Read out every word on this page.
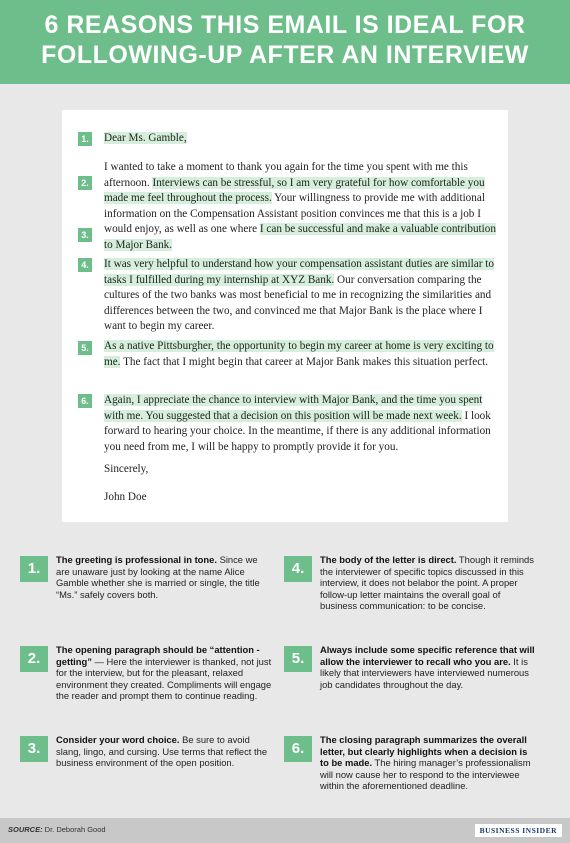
6 REASONS THIS EMAIL IS IDEAL FOR
FOLLOWING-UP AFTER AN INTERVIEW
1. Dear Ms. Gamble,
2.
3.
I wanted to take a moment to thank you again for the time you spent with me this afternoon. Interviews can be stressful, so I am very grateful for how comfortable you made me feel throughout the process. Your willingness to provide me with additional information on the Compensation Assistant position convinces me that this is a job I would enjoy, as well as one where I can be successful and make a valuable contribution to Major Bank.
4. It was very helpful to understand how your compensation assistant duties are similar to tasks I fulfilled during my internship at XYZ Bank. Our conversation comparing the cultures of the two banks was most beneficial to me in recognizing the similarities and differences between the two, and convinced me that Major Bank is the place where I want to begin my career.
5. As a native Pittsburgher, the opportunity to begin my career at home is very exciting to me. The fact that I might begin that career at Major Bank makes this situation perfect.
6. Again, I appreciate the chance to interview with Major Bank, and the time you spent with me. You suggested that a decision on this position will be made next week. I look forward to hearing your choice. In the meantime, if there is any additional information you need from me, I will be happy to promptly provide it for you.
Sincerely,
John Doe
1.
The greeting is professional in tone. Since we are unaware just by looking at the name Alice Gamble whether she is married or single, the title “Ms.” safely covers both.
2.
The opening paragraph should be “attention -getting” — Here the interviewer is thanked, not just for the interview, but for the pleasant, relaxed environment they created. Compliments will engage the reader and prompt them to continue reading.
3.
Consider your word choice. Be sure to avoid slang, lingo, and cursing. Use terms that reflect the business environment of the open position.
4.
The body of the letter is direct. Though it reminds the interviewer of specific topics discussed in this interview, it does not belabor the point. A proper follow-up letter maintains the overall goal of business communication: to be concise.
5.
Always include some specific reference that will allow the interviewer to recall who you are. It is likely that interviewers have interviewed numerous job candidates throughout the day.
6.
The closing paragraph summarizes the overall letter, but clearly highlights when a decision is to be made. The hiring manager’s professionalism will now cause her to respond to the interviewee within the aforementioned deadline.
SOURCE: Dr. Deborah Good	BUSINESS INSIDER
